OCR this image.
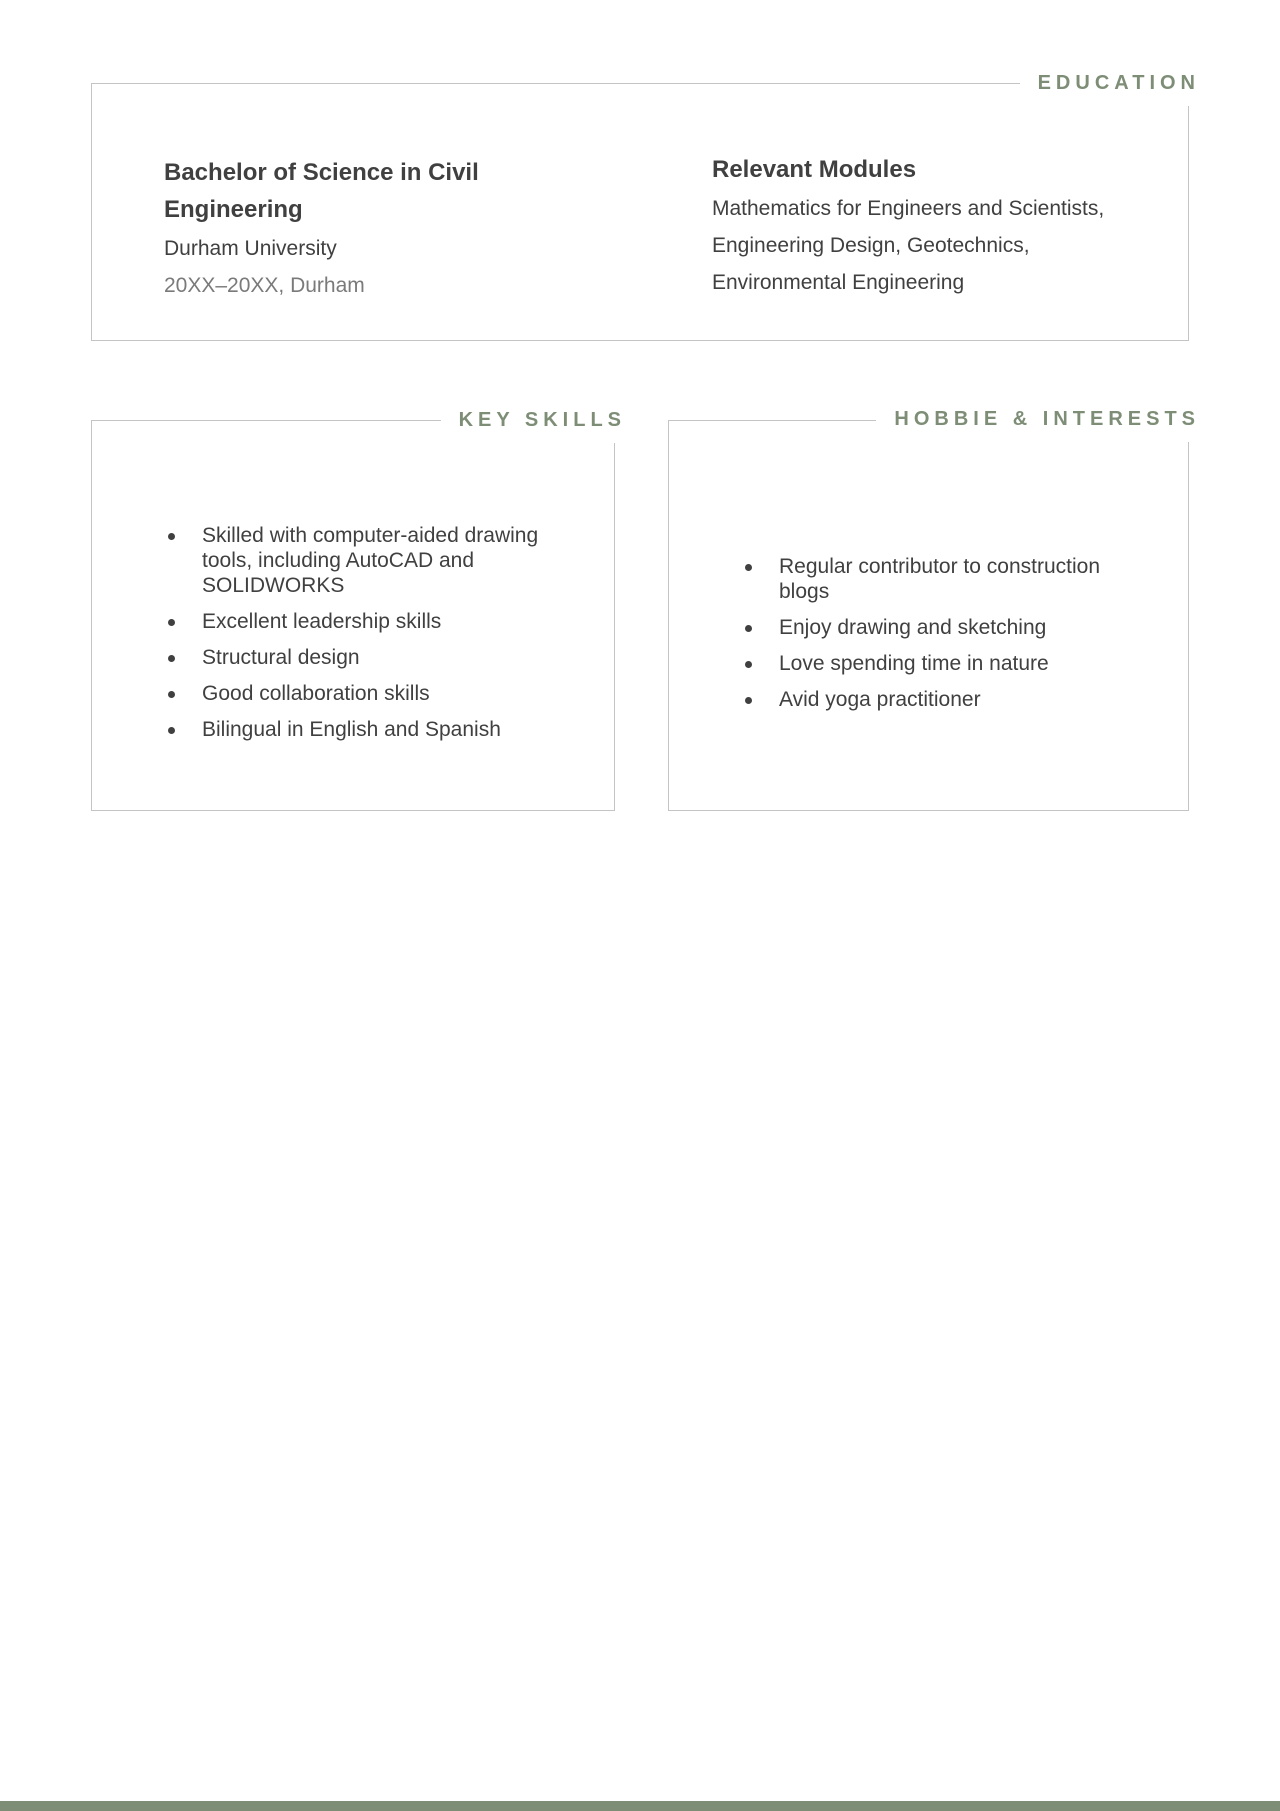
EDUCATION

Bachelor of Science in Civil

Engineering

Durham University

20XX–20XX, Durham

Relevant Modules

Mathematics for Engineers and Scientists,

Engineering Design, Geotechnics,

Environmental Engineering

KEY SKILLS
Skilled with computer-aided drawing tools, including AutoCAD and SOLIDWORKS
Excellent leadership skills
Structural design
Good collaboration skills
Bilingual in English and Spanish
HOBBIE & INTERESTS
Regular contributor to construction blogs
Enjoy drawing and sketching
Love spending time in nature
Avid yoga practitioner
